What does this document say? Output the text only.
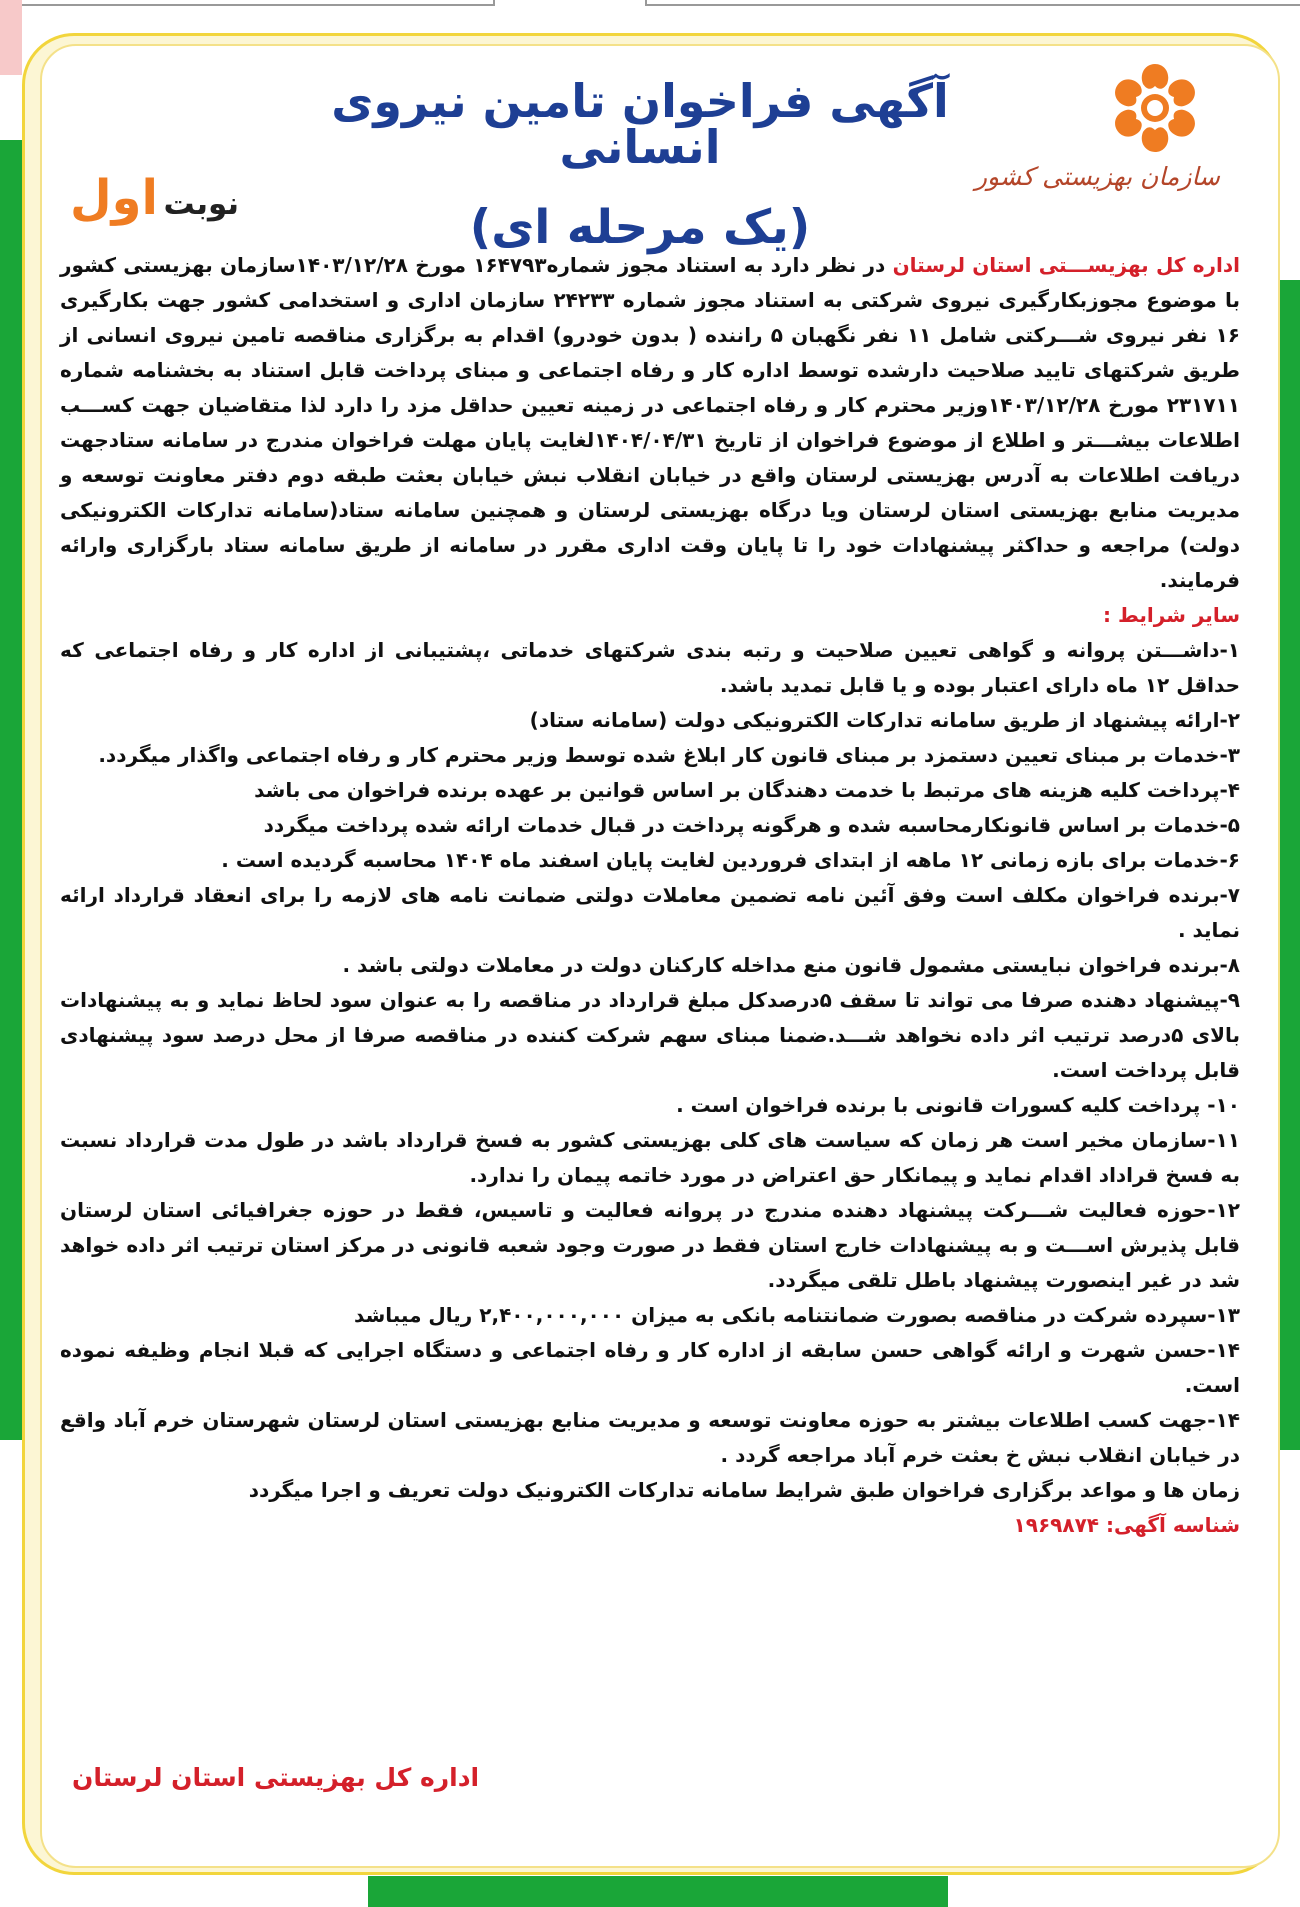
سازمان بهزیستی کشور
آگهی فراخوان تامین نیروی انسانی
(یک مرحله ای)
نوبت اول

اداره کل بهزیســـتی استان لرستان در نظر دارد به استناد مجوز شماره۱۶۴۷۹۳ مورخ ۱۴۰۳/۱۲/۲۸سازمان بهزیستی کشور با موضوع مجوزبکارگیری نیروی شرکتی به استناد مجوز شماره ۲۴۲۳۳ سازمان اداری و استخدامی کشور جهت بکارگیری ۱۶ نفر نیروی شـــرکتی شامل ۱۱ نفر نگهبان ۵ راننده ( بدون خودرو) اقدام به برگزاری مناقصه تامین نیروی انسانی از طریق شرکتهای تایید صلاحیت دارشده توسط اداره کار و رفاه اجتماعی و مبنای پرداخت قابل استناد به بخشنامه شماره ۲۳۱۷۱۱ مورخ ۱۴۰۳/۱۲/۲۸وزیر محترم کار و رفاه اجتماعی در زمینه تعیین حداقل مزد را دارد لذا متقاضیان جهت کســـب اطلاعات بیشـــتر و اطلاع از موضوع فراخوان از تاریخ ۱۴۰۴/۰۴/۳۱لغایت پایان مهلت فراخوان مندرج در سامانه ستادجهت دریافت اطلاعات به آدرس بهزیستی لرستان واقع در خیابان انقلاب نبش خیابان بعثت طبقه دوم دفتر معاونت توسعه و مدیریت منابع بهزیستی استان لرستان ویا درگاه بهزیستی لرستان و همچنین سامانه ستاد(سامانه تدارکات الکترونیکی دولت) مراجعه و حداکثر پیشنهادات خود را تا پایان وقت اداری مقرر در سامانه از طریق سامانه ستاد بارگزاری وارائه فرمایند.

سایر شرایط :

۱-داشـــتن پروانه و گواهی تعیین صلاحیت و رتبه بندی شرکتهای خدماتی ،پشتیبانی از اداره کار و رفاه اجتماعی که حداقل ۱۲ ماه دارای اعتبار بوده و یا قابل تمدید باشد.

۲-ارائه پیشنهاد از طریق سامانه تدارکات الکترونیکی دولت (سامانه ستاد)

۳-خدمات بر مبنای تعیین دستمزد بر مبنای قانون کار ابلاغ شده توسط وزیر محترم کار و رفاه اجتماعی واگذار میگردد.

۴-پرداخت کلیه هزینه های مرتبط با خدمت دهندگان بر اساس قوانین بر عهده برنده فراخوان می باشد

۵-خدمات بر اساس قانونکارمحاسبه شده و هرگونه پرداخت در قبال خدمات ارائه شده پرداخت میگردد

۶-خدمات برای بازه زمانی ۱۲ ماهه از ابتدای فروردین لغایت پایان اسفند ماه ۱۴۰۴ محاسبه گردیده است .

۷-برنده فراخوان مکلف است وفق آئین نامه تضمین معاملات دولتی ضمانت نامه های لازمه را برای انعقاد قرارداد ارائه نماید .

۸-برنده فراخوان نبایستی مشمول قانون منع مداخله کارکنان دولت در معاملات دولتی باشد .

۹-پیشنهاد دهنده صرفا می تواند تا سقف ۵درصدکل مبلغ قرارداد در مناقصه را به عنوان سود لحاظ نماید و به پیشنهادات بالای ۵درصد ترتیب اثر داده نخواهد شـــد.ضمنا مبنای سهم شرکت کننده در مناقصه صرفا از محل درصد سود پیشنهادی قابل پرداخت است.

۱۰- پرداخت کلیه کسورات قانونی با برنده فراخوان است .

۱۱-سازمان مخیر است هر زمان که سیاست های کلی بهزیستی کشور به فسخ قرارداد باشد در طول مدت قرارداد نسبت به فسخ قراداد اقدام نماید و پیمانکار حق اعتراض در مورد خاتمه پیمان را ندارد.

۱۲-حوزه فعالیت شـــرکت پیشنهاد دهنده مندرج در پروانه فعالیت و تاسیس، فقط در حوزه جغرافیائی استان لرستان قابل پذیرش اســـت و به پیشنهادات خارج استان فقط در صورت وجود شعبه قانونی در مرکز استان ترتیب اثر داده خواهد شد در غیر اینصورت پیشنهاد باطل تلقی میگردد.

۱۳-سپرده شرکت در مناقصه بصورت ضمانتنامه بانکی به میزان ۲,۴۰۰,۰۰۰,۰۰۰ ریال میباشد

۱۴-حسن شهرت و ارائه گواهی حسن سابقه از اداره کار و رفاه اجتماعی و دستگاه اجرایی که قبلا انجام وظیفه نموده است.

۱۴-جهت کسب اطلاعات بیشتر به حوزه معاونت توسعه و مدیریت منابع بهزیستی استان لرستان شهرستان خرم آباد واقع در خیابان انقلاب نبش خ بعثت خرم آباد مراجعه گردد .

زمان ها و مواعد برگزاری فراخوان طبق شرایط سامانه تدارکات الکترونیک دولت تعریف و اجرا میگردد

شناسه آگهی: ۱۹۶۹۸۷۴

اداره کل بهزیستی استان لرستان
